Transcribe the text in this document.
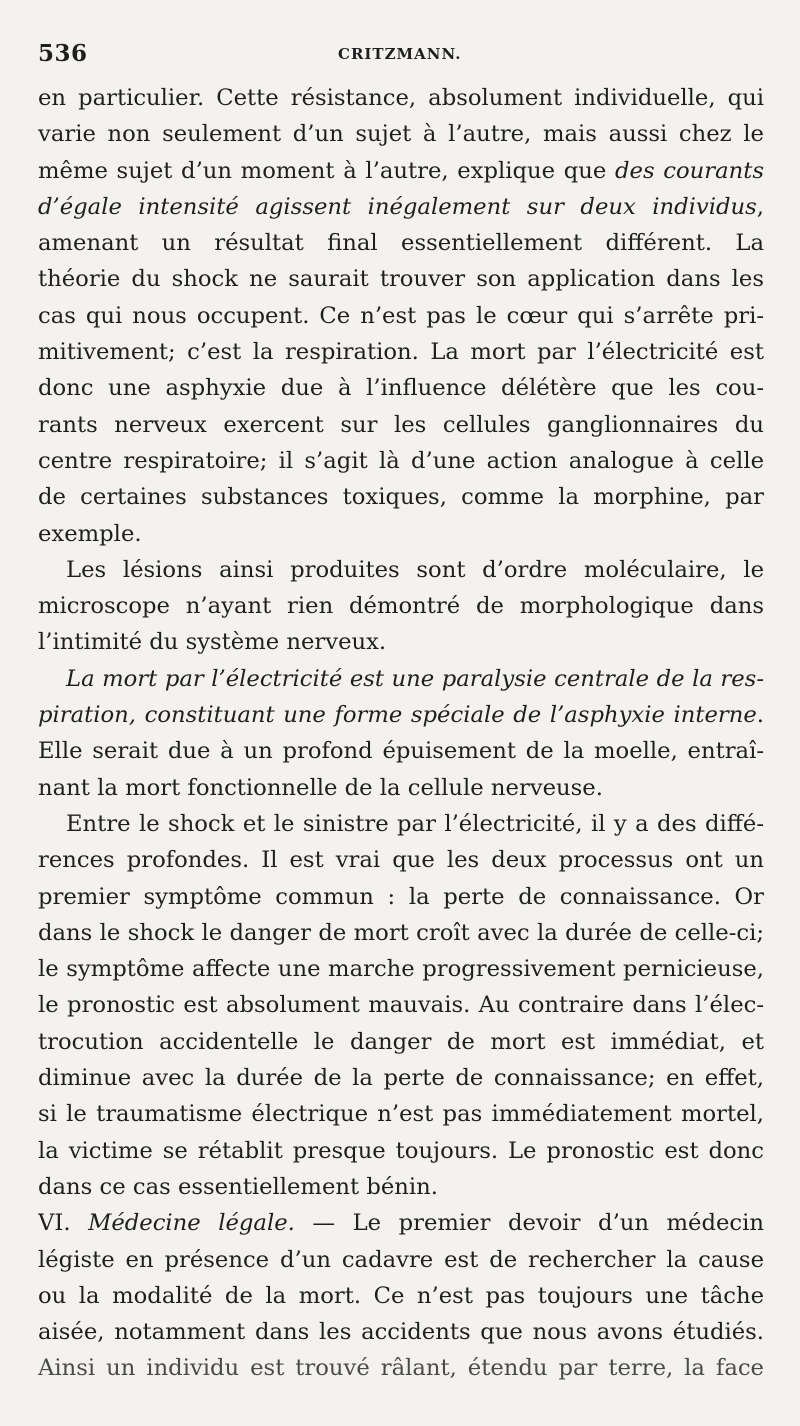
536	CRITZMANN.
en particulier. Cette résistance, absolument individuelle, qui
varie non seulement d’un sujet à l’autre, mais aussi chez le
même sujet d’un moment à l’autre, explique que des courants
d’égale intensité agissent inégalement sur deux individus,
amenant un résultat final essentiellement différent. La
théorie du shock ne saurait trouver son application dans les
cas qui nous occupent. Ce n’est pas le cœur qui s’arrête pri-
mitivement; c’est la respiration. La mort par l’électricité est
donc une asphyxie due à l’influence délétère que les cou-
rants nerveux exercent sur les cellules ganglionnaires du
centre respiratoire; il s’agit là d’une action analogue à celle
de certaines substances toxiques, comme la morphine, par
exemple.
Les lésions ainsi produites sont d’ordre moléculaire, le
microscope n’ayant rien démontré de morphologique dans
l’intimité du système nerveux.
La mort par l’électricité est une paralysie centrale de la res-
piration, constituant une forme spéciale de l’asphyxie interne.
Elle serait due à un profond épuisement de la moelle, entraî-
nant la mort fonctionnelle de la cellule nerveuse.
Entre le shock et le sinistre par l’électricité, il y a des diffé-
rences profondes. Il est vrai que les deux processus ont un
premier symptôme commun : la perte de connaissance. Or
dans le shock le danger de mort croît avec la durée de celle-ci;
le symptôme affecte une marche progressivement pernicieuse,
le pronostic est absolument mauvais. Au contraire dans l’élec-
trocution accidentelle le danger de mort est immédiat, et
diminue avec la durée de la perte de connaissance; en effet,
si le traumatisme électrique n’est pas immédiatement mortel,
la victime se rétablit presque toujours. Le pronostic est donc
dans ce cas essentiellement bénin.
VI. Médecine légale. — Le premier devoir d’un médecin
légiste en présence d’un cadavre est de rechercher la cause
ou la modalité de la mort. Ce n’est pas toujours une tâche
aisée, notamment dans les accidents que nous avons étudiés.
Ainsi un individu est trouvé râlant, étendu par terre, la face
